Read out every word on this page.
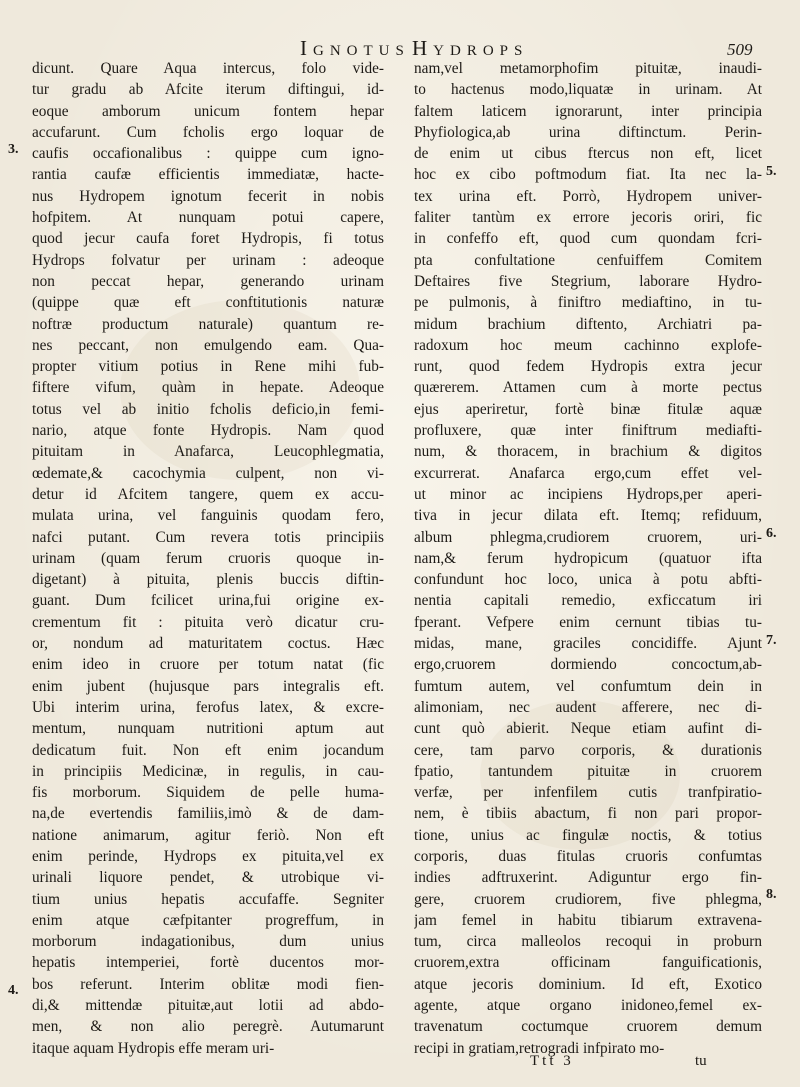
Ignotus Hydrops	509
dicunt. Quare Aqua intercus, folo vide-
tur gradu ab Afcite iterum diftingui, id-
eoque amborum unicum fontem hepar
accufarunt. Cum fcholis ergo loquar de
caufis occafionalibus : quippe cum igno-
rantia caufæ efficientis immediatæ, hacte-
nus Hydropem ignotum fecerit in nobis
hofpitem. At nunquam potui capere,
quod jecur caufa foret Hydropis, fi totus
Hydrops folvatur per urinam : adeoque
non peccat hepar, generando urinam
(quippe quæ eft conftitutionis naturæ
noftræ productum naturale) quantum re-
nes peccant, non emulgendo eam. Qua-
propter vitium potius in Rene mihi fub-
fiftere vifum, quàm in hepate. Adeoque
totus vel ab initio fcholis deficio,in femi-
nario, atque fonte Hydropis. Nam quod
pituitam in Anafarca, Leucophlegmatia,
œdemate,& cacochymia culpent, non vi-
detur id Afcitem tangere, quem ex accu-
mulata urina, vel fanguinis quodam fero,
nafci putant. Cum revera totis principiis
urinam (quam ferum cruoris quoque in-
digetant) à pituita, plenis buccis diftin-
guant. Dum fcilicet urina,fui origine ex-
crementum fit : pituita verò dicatur cru-
or, nondum ad maturitatem coctus. Hæc
enim ideo in cruore per totum natat (fic
enim jubent (hujusque pars integralis eft.
Ubi interim urina, ferofus latex, & excre-
mentum, nunquam nutritioni aptum aut
dedicatum fuit. Non eft enim jocandum
in principiis Medicinæ, in regulis, in cau-
fis morborum. Siquidem de pelle huma-
na,de evertendis familiis,imò & de dam-
natione animarum, agitur feriò. Non eft
enim perinde, Hydrops ex pituita,vel ex
urinali liquore pendet, & utrobique vi-
tium unius hepatis accufaffe. Segniter
enim atque cæfpitanter progreffum, in
morborum indagationibus, dum unius
hepatis intemperiei, fortè ducentos mor-
bos referunt. Interim oblitæ modi fien-
di,& mittendæ pituitæ,aut lotii ad abdo-
men, & non alio peregrè. Autumarunt
itaque aquam Hydropis effe meram uri-
nam,vel metamorphofim pituitæ, inaudi-
to hactenus modo,liquatæ in urinam. At
faltem laticem ignorarunt, inter principia
Phyfiologica,ab urina diftinctum. Perin-
de enim ut cibus ftercus non eft, licet
hoc ex cibo poftmodum fiat. Ita nec la-
tex urina eft. Porrò, Hydropem univer-
faliter tantùm ex errore jecoris oriri, fic
in confeffo eft, quod cum quondam fcri-
pta confultatione cenfuiffem Comitem
Deftaires five Stegrium, laborare Hydro-
pe pulmonis, à finiftro mediaftino, in tu-
midum brachium diftento, Archiatri pa-
radoxum hoc meum cachinno explofe-
runt, quod fedem Hydropis extra jecur
quærerem. Attamen cum à morte pectus
ejus aperiretur, fortè binæ fitulæ aquæ
profluxere, quæ inter finiftrum mediafti-
num, & thoracem, in brachium & digitos
excurrerat. Anafarca ergo,cum effet vel-
ut minor ac incipiens Hydrops,per aperi-
tiva in jecur dilata eft. Itemq; refiduum,
album phlegma,crudiorem cruorem, uri-
nam,& ferum hydropicum (quatuor ifta
confundunt hoc loco, unica à potu abfti-
nentia capitali remedio, exficcatum iri
fperant. Vefpere enim cernunt tibias tu-
midas, mane, graciles concidiffe. Ajunt
ergo,cruorem dormiendo concoctum,ab-
fumtum autem, vel confumtum dein in
alimoniam, nec audent afferere, nec di-
cunt quò abierit. Neque etiam aufint di-
cere, tam parvo corporis, & durationis
fpatio, tantundem pituitæ in cruorem
verfæ, per infenfilem cutis tranfpiratio-
nem, è tibiis abactum, fi non pari propor-
tione, unius ac fingulæ noctis, & totius
corporis, duas fitulas cruoris confumtas
indies adftruxerint. Adiguntur ergo fin-
gere, cruorem crudiorem, five phlegma,
jam femel in habitu tibiarum extravena-
tum, circa malleolos recoqui in proburn
cruorem,extra officinam fanguificationis,
atque jecoris dominium. Id eft, Exotico
agente, atque organo inidoneo,femel ex-
travenatum coctumque cruorem demum
recipi in gratiam,retrogradi infpirato mo-
3.
4.
5.
6.
7.
8.
Ttt 3	tu
